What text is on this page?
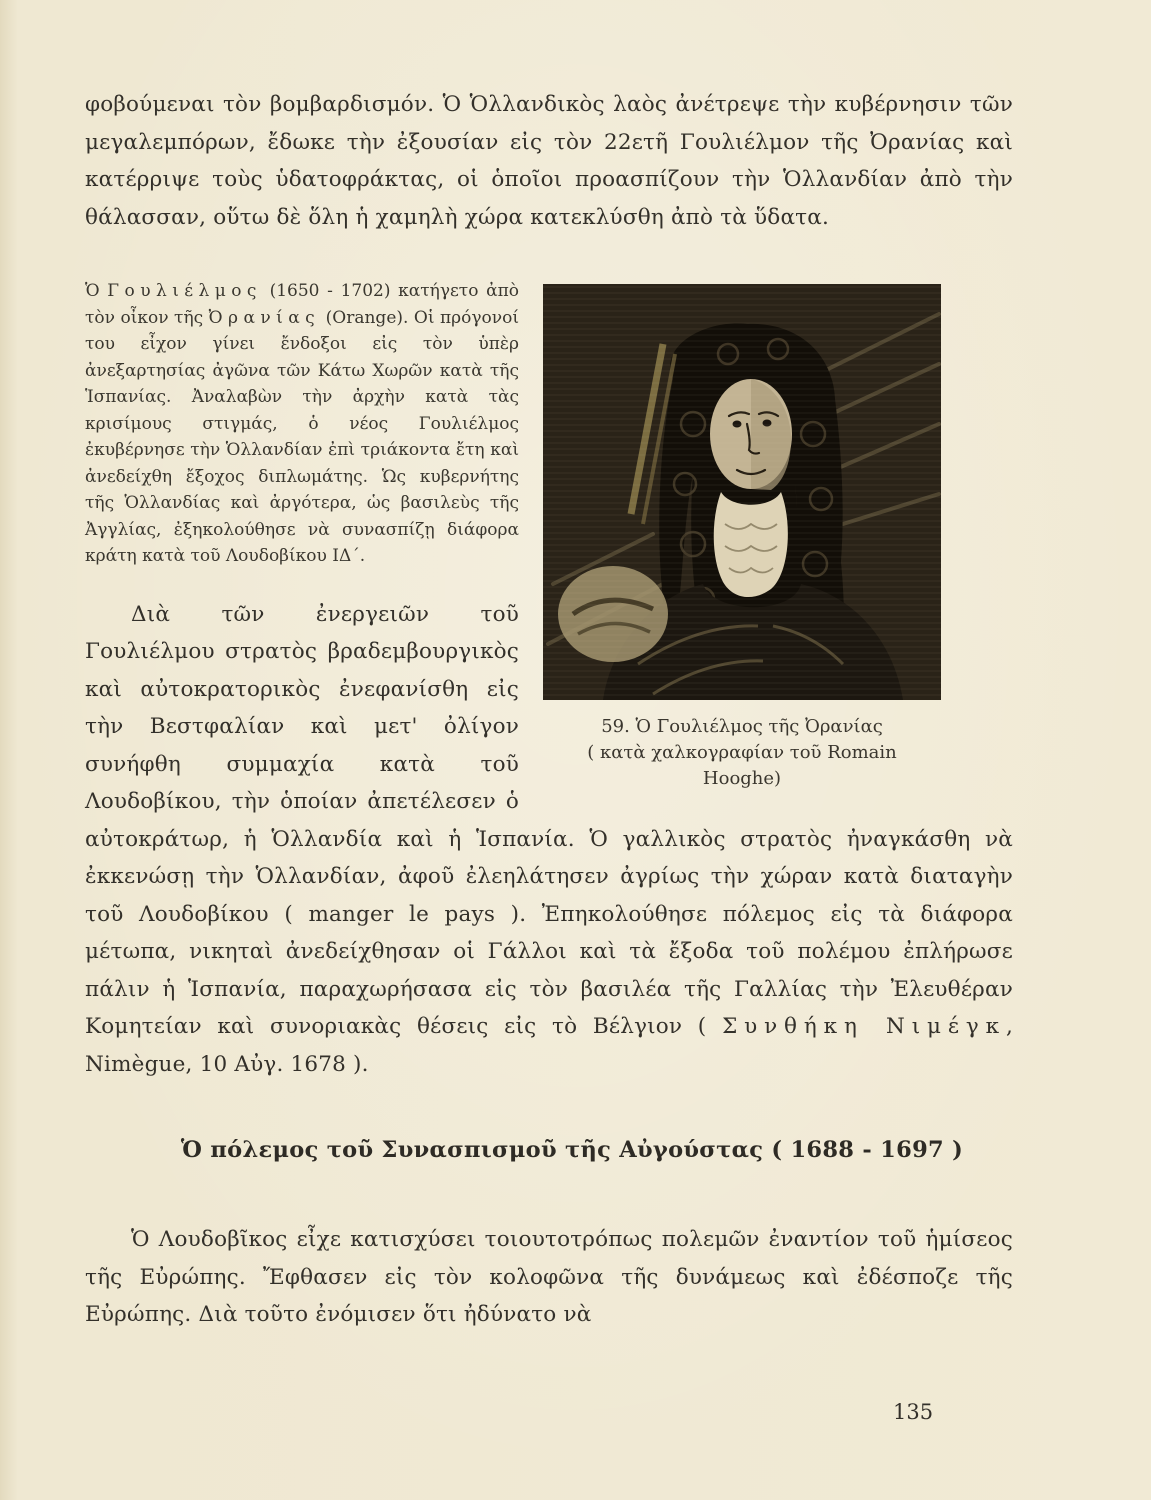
φοβούμεναι τὸν βομβαρδισμόν. Ὁ Ὁλλανδικὸς λαὸς ἀνέτρεψε τὴν κυβέρνησιν τῶν μεγαλεμπόρων, ἔδωκε τὴν ἐξουσίαν εἰς τὸν 22ετῆ Γουλιέλμον τῆς Ὀρανίας καὶ κατέρριψε τοὺς ὑδατοφράκτας, οἱ ὁποῖοι προασπίζουν τὴν Ὁλλανδίαν ἀπὸ τὴν θάλασσαν, οὕτω δὲ ὅλη ἡ χαμηλὴ χώρα κατεκλύσθη ἀπὸ τὰ ὕδατα.

59. Ὁ Γουλιέλμος τῆς Ὀρανίας
( κατὰ χαλκογραφίαν τοῦ Romain
Hooghe)

Ὁ Γουλιέλμος (1650 - 1702) κατήγετο ἀπὸ τὸν οἶκον τῆς Ὀρανίας (Orange). Οἱ πρόγονοί του εἶχον γίνει ἔνδοξοι εἰς τὸν ὑπὲρ ἀνεξαρτησίας ἀγῶνα τῶν Κάτω Χωρῶν κατὰ τῆς Ἱσπανίας. Ἀναλαβὼν τὴν ἀρχὴν κατὰ τὰς κρισίμους στιγμάς, ὁ νέος Γουλιέλμος ἐκυβέρνησε τὴν Ὁλλανδίαν ἐπὶ τριάκοντα ἔτη καὶ ἀνεδείχθη ἔξοχος διπλωμάτης. Ὡς κυβερνήτης τῆς Ὁλλανδίας καὶ ἀργότερα, ὡς βασιλεὺς τῆς Ἀγγλίας, ἐξηκολούθησε νὰ συνασπίζῃ διάφορα κράτη κατὰ τοῦ Λουδοβίκου ΙΔ΄.

Διὰ τῶν ἐνεργειῶν τοῦ Γουλιέλμου στρατὸς βραδεμβουργικὸς καὶ αὐτοκρατορικὸς ἐνεφανίσθη εἰς τὴν Βεστφαλίαν καὶ μετ' ὀλίγον συνήφθη συμμαχία κατὰ τοῦ Λουδοβίκου, τὴν ὁποίαν ἀπετέλεσεν ὁ αὐτοκράτωρ, ἡ Ὁλλανδία καὶ ἡ Ἱσπανία. Ὁ γαλλικὸς στρατὸς ἠναγκάσθη νὰ ἐκκενώσῃ τὴν Ὁλλανδίαν, ἀφοῦ ἐλεηλάτησεν ἀγρίως τὴν χώραν κατὰ διαταγὴν τοῦ Λουδοβίκου ( manger le pays ). Ἐπηκολούθησε πόλεμος εἰς τὰ διάφορα μέτωπα, νικηταὶ ἀνεδείχθησαν οἱ Γάλλοι καὶ τὰ ἔξοδα τοῦ πολέμου ἐπλήρωσε πάλιν ἡ Ἱσπανία, παραχωρήσασα εἰς τὸν βασιλέα τῆς Γαλλίας τὴν Ἐλευθέραν Κομητείαν καὶ συνοριακὰς θέσεις εἰς τὸ Βέλγιον ( Συνθήκη Νιμέγκ, Nimègue, 10 Αὐγ. 1678 ).

Ὁ πόλεμος τοῦ Συνασπισμοῦ τῆς Αὐγούστας ( 1688 - 1697 )

Ὁ Λουδοβῖκος εἶχε κατισχύσει τοιουτοτρόπως πολεμῶν ἐναντίον τοῦ ἡμίσεος τῆς Εὐρώπης. Ἔφθασεν εἰς τὸν κολοφῶνα τῆς δυνάμεως καὶ ἐδέσποζε τῆς Εὐρώπης. Διὰ τοῦτο ἐνόμισεν ὅτι ἠδύνατο νὰ

135
